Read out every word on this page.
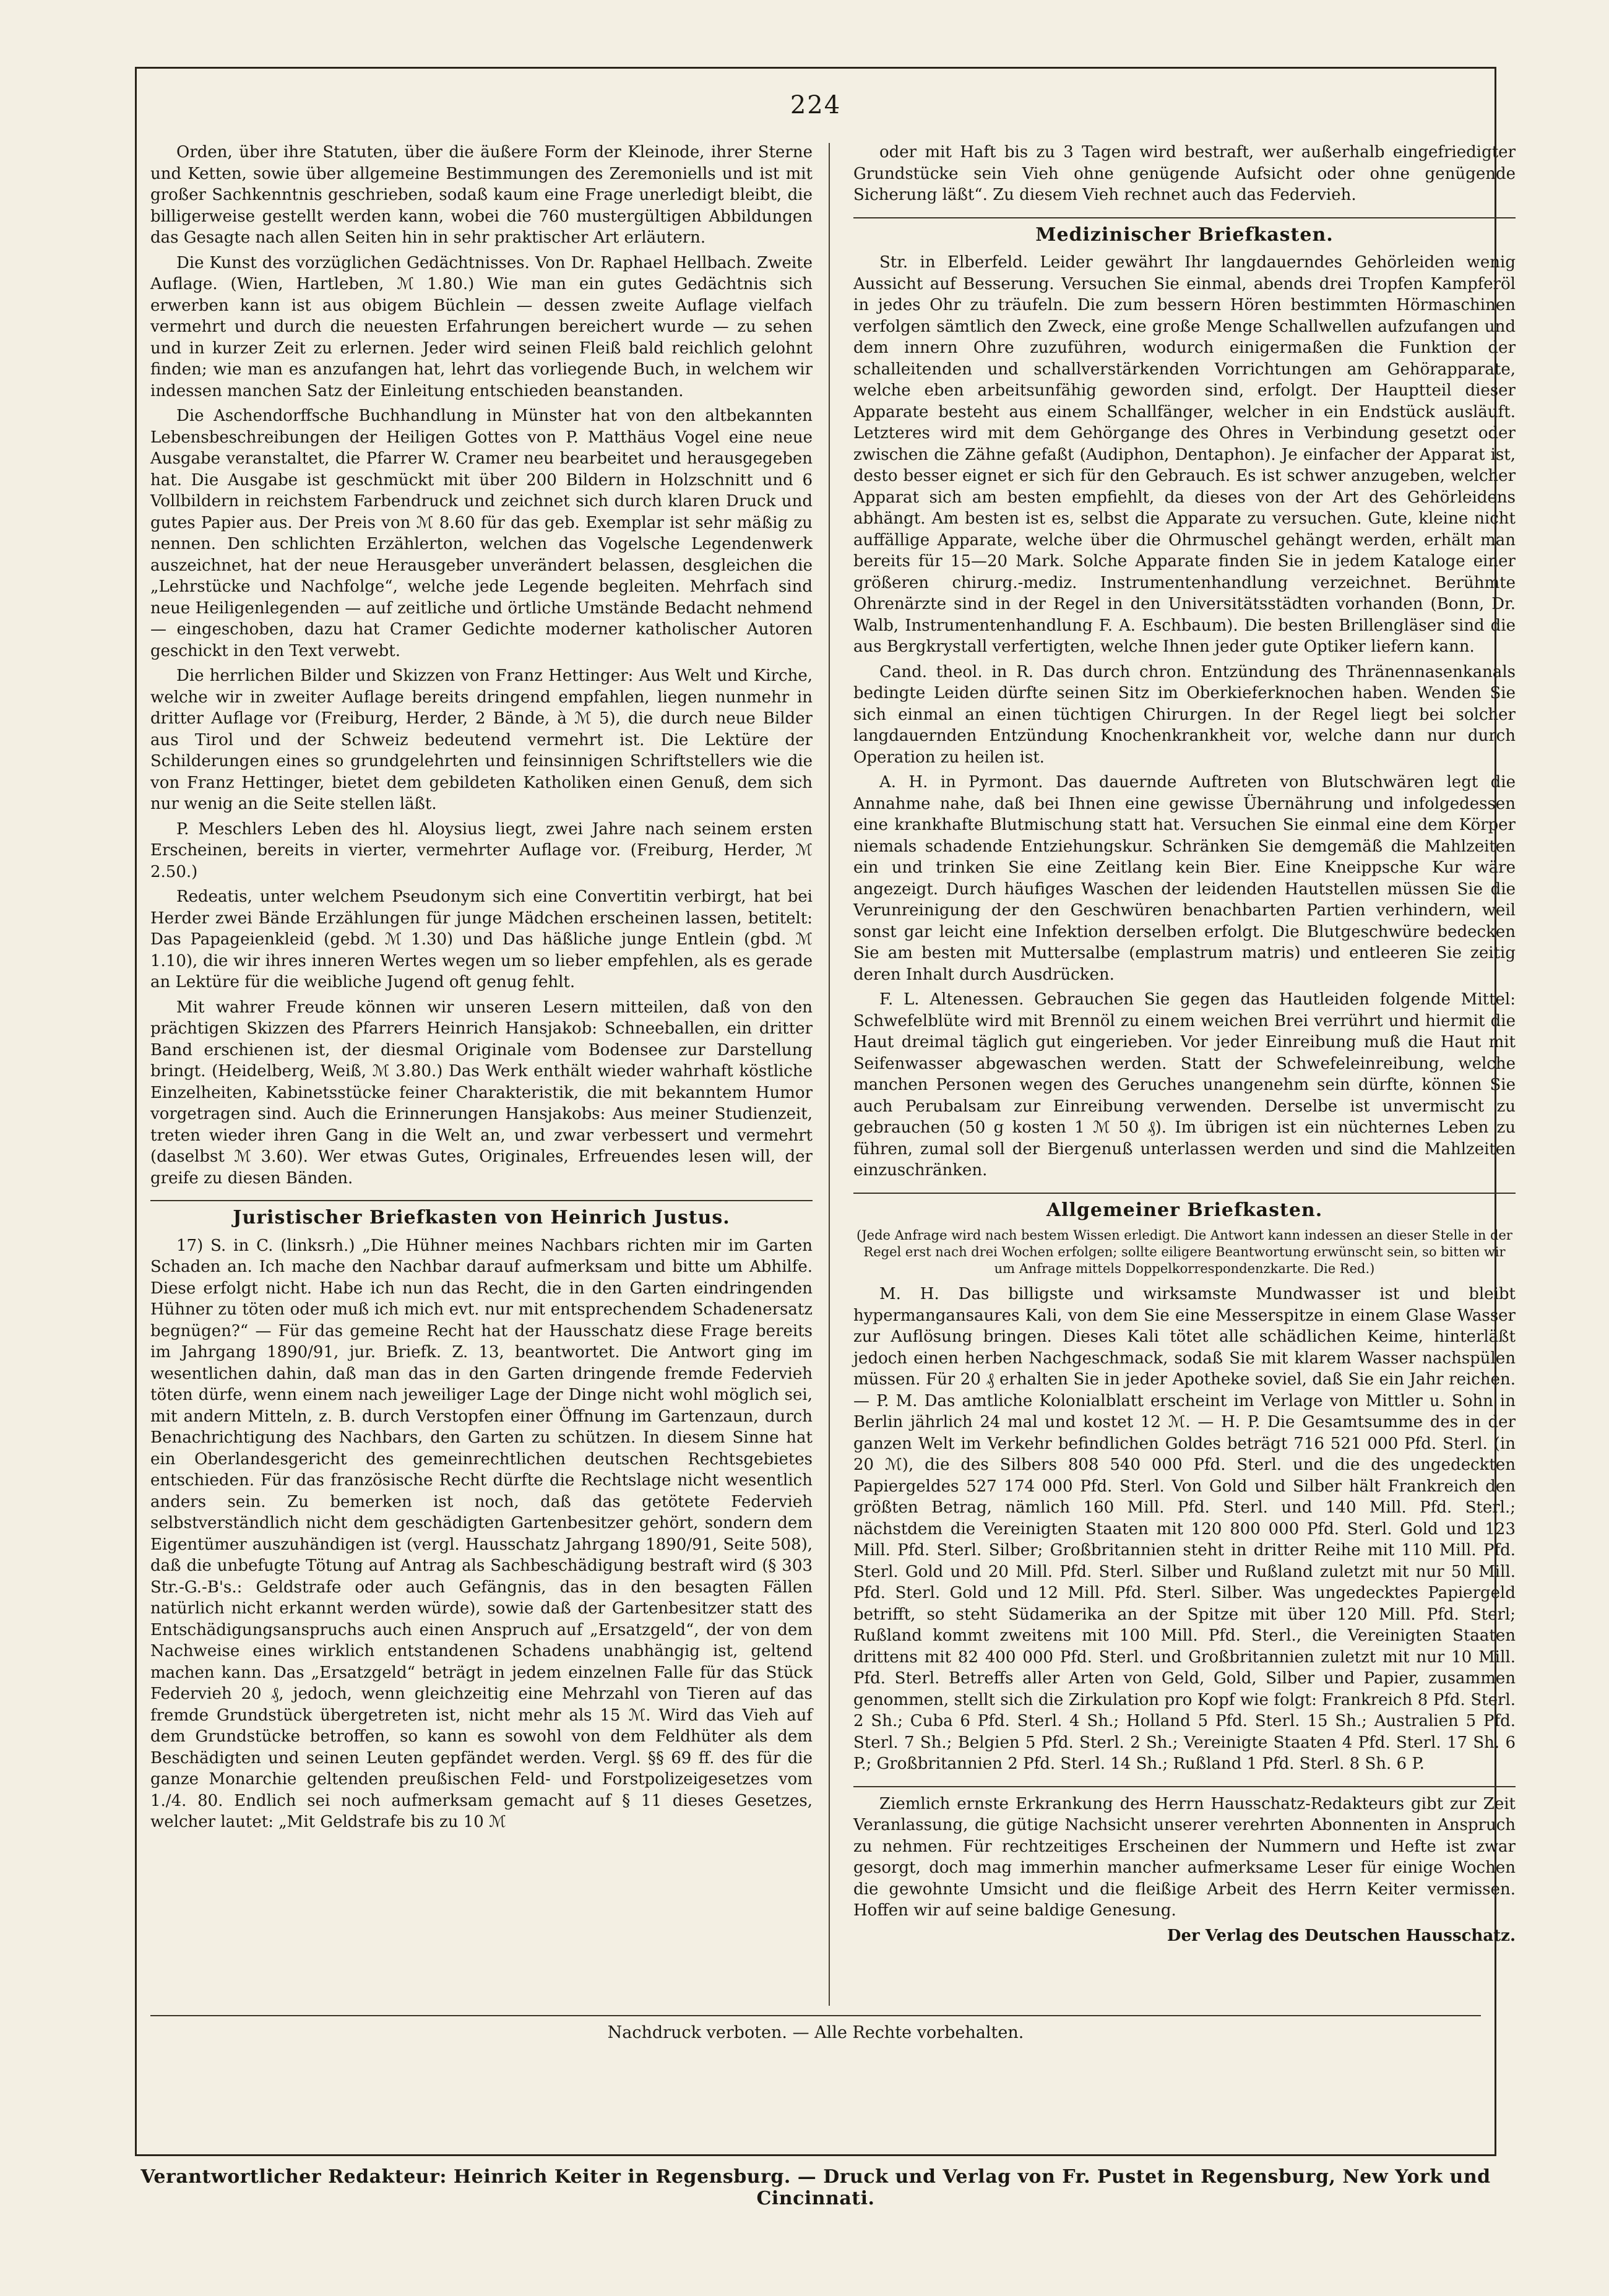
224

Orden, über ihre Statuten, über die äußere Form der Kleinode, ihrer Sterne und Ketten, sowie über allgemeine Bestimmungen des Zeremoniells und ist mit großer Sachkenntnis geschrieben, sodaß kaum eine Frage unerledigt bleibt, die billigerweise gestellt werden kann, wobei die 760 mustergültigen Abbildungen das Gesagte nach allen Seiten hin in sehr praktischer Art erläutern.

Die Kunst des vorzüglichen Gedächtnisses. Von Dr. Raphael Hellbach. Zweite Auflage. (Wien, Hartleben, ℳ 1.80.) Wie man ein gutes Gedächtnis sich erwerben kann ist aus obigem Büchlein — dessen zweite Auflage vielfach vermehrt und durch die neuesten Erfahrungen bereichert wurde — zu sehen und in kurzer Zeit zu erlernen. Jeder wird seinen Fleiß bald reichlich gelohnt finden; wie man es anzufangen hat, lehrt das vorliegende Buch, in welchem wir indessen manchen Satz der Einleitung entschieden beanstanden.

Die Aschendorffsche Buchhandlung in Münster hat von den altbekannten Lebensbeschreibungen der Heiligen Gottes von P. Matthäus Vogel eine neue Ausgabe veranstaltet, die Pfarrer W. Cramer neu bearbeitet und herausgegeben hat. Die Ausgabe ist geschmückt mit über 200 Bildern in Holzschnitt und 6 Vollbildern in reichstem Farbendruck und zeichnet sich durch klaren Druck und gutes Papier aus. Der Preis von ℳ 8.60 für das geb. Exemplar ist sehr mäßig zu nennen. Den schlichten Erzählerton, welchen das Vogelsche Legendenwerk auszeichnet, hat der neue Herausgeber unverändert belassen, desgleichen die „Lehrstücke und Nachfolge“, welche jede Legende begleiten. Mehrfach sind neue Heiligenlegenden — auf zeitliche und örtliche Umstände Bedacht nehmend — eingeschoben, dazu hat Cramer Gedichte moderner katholischer Autoren geschickt in den Text verwebt.

Die herrlichen Bilder und Skizzen von Franz Hettinger: Aus Welt und Kirche, welche wir in zweiter Auflage bereits dringend empfahlen, liegen nunmehr in dritter Auflage vor (Freiburg, Herder, 2 Bände, à ℳ 5), die durch neue Bilder aus Tirol und der Schweiz bedeutend vermehrt ist. Die Lektüre der Schilderungen eines so grundgelehrten und feinsinnigen Schriftstellers wie die von Franz Hettinger, bietet dem gebildeten Katholiken einen Genuß, dem sich nur wenig an die Seite stellen läßt.

P. Meschlers Leben des hl. Aloysius liegt, zwei Jahre nach seinem ersten Erscheinen, bereits in vierter, vermehrter Auflage vor. (Freiburg, Herder, ℳ 2.50.)

Redeatis, unter welchem Pseudonym sich eine Convertitin verbirgt, hat bei Herder zwei Bände Erzählungen für junge Mädchen erscheinen lassen, betitelt: Das Papageienkleid (gebd. ℳ 1.30) und Das häßliche junge Entlein (gbd. ℳ 1.10), die wir ihres inneren Wertes wegen um so lieber empfehlen, als es gerade an Lektüre für die weibliche Jugend oft genug fehlt.

Mit wahrer Freude können wir unseren Lesern mitteilen, daß von den prächtigen Skizzen des Pfarrers Heinrich Hansjakob: Schneeballen, ein dritter Band erschienen ist, der diesmal Originale vom Bodensee zur Darstellung bringt. (Heidelberg, Weiß, ℳ 3.80.) Das Werk enthält wieder wahrhaft köstliche Einzelheiten, Kabinetsstücke feiner Charakteristik, die mit bekanntem Humor vorgetragen sind. Auch die Erinnerungen Hansjakobs: Aus meiner Studienzeit, treten wieder ihren Gang in die Welt an, und zwar verbessert und vermehrt (daselbst ℳ 3.60). Wer etwas Gutes, Originales, Erfreuendes lesen will, der greife zu diesen Bänden.

Juristischer Briefkasten von Heinrich Justus.

17) S. in C. (linksrh.) „Die Hühner meines Nachbars richten mir im Garten Schaden an. Ich mache den Nachbar darauf aufmerksam und bitte um Abhilfe. Diese erfolgt nicht. Habe ich nun das Recht, die in den Garten eindringenden Hühner zu töten oder muß ich mich evt. nur mit entsprechendem Schadenersatz begnügen?“ — Für das gemeine Recht hat der Hausschatz diese Frage bereits im Jahrgang 1890/91, jur. Briefk. Z. 13, beantwortet. Die Antwort ging im wesentlichen dahin, daß man das in den Garten dringende fremde Federvieh töten dürfe, wenn einem nach jeweiliger Lage der Dinge nicht wohl möglich sei, mit andern Mitteln, z. B. durch Verstopfen einer Öffnung im Gartenzaun, durch Benachrichtigung des Nachbars, den Garten zu schützen. In diesem Sinne hat ein Oberlandesgericht des gemeinrechtlichen deutschen Rechtsgebietes entschieden. Für das französische Recht dürfte die Rechtslage nicht wesentlich anders sein. Zu bemerken ist noch, daß das getötete Federvieh selbstverständlich nicht dem geschädigten Gartenbesitzer gehört, sondern dem Eigentümer auszuhändigen ist (vergl. Hausschatz Jahrgang 1890/91, Seite 508), daß die unbefugte Tötung auf Antrag als Sachbeschädigung bestraft wird (§ 303 Str.-G.-B's.: Geldstrafe oder auch Gefängnis, das in den besagten Fällen natürlich nicht erkannt werden würde), sowie daß der Gartenbesitzer statt des Entschädigungsanspruchs auch einen Anspruch auf „Ersatzgeld“, der von dem Nachweise eines wirklich entstandenen Schadens unabhängig ist, geltend machen kann. Das „Ersatzgeld“ beträgt in jedem einzelnen Falle für das Stück Federvieh 20 ₰, jedoch, wenn gleichzeitig eine Mehrzahl von Tieren auf das fremde Grundstück übergetreten ist, nicht mehr als 15 ℳ. Wird das Vieh auf dem Grundstücke betroffen, so kann es sowohl von dem Feldhüter als dem Beschädigten und seinen Leuten gepfändet werden. Vergl. §§ 69 ff. des für die ganze Monarchie geltenden preußischen Feld- und Forstpolizeigesetzes vom 1./4. 80. Endlich sei noch aufmerksam gemacht auf § 11 dieses Gesetzes, welcher lautet: „Mit Geldstrafe bis zu 10 ℳ

oder mit Haft bis zu 3 Tagen wird bestraft, wer außerhalb eingefriedigter Grundstücke sein Vieh ohne genügende Aufsicht oder ohne genügende Sicherung läßt“. Zu diesem Vieh rechnet auch das Federvieh.

Medizinischer Briefkasten.

Str. in Elberfeld. Leider gewährt Ihr langdauerndes Gehörleiden wenig Aussicht auf Besserung. Versuchen Sie einmal, abends drei Tropfen Kampferöl in jedes Ohr zu träufeln. Die zum bessern Hören bestimmten Hörmaschinen verfolgen sämtlich den Zweck, eine große Menge Schallwellen aufzufangen und dem innern Ohre zuzuführen, wodurch einigermaßen die Funktion der schalleitenden und schallverstärkenden Vorrichtungen am Gehörapparate, welche eben arbeitsunfähig geworden sind, erfolgt. Der Hauptteil dieser Apparate besteht aus einem Schallfänger, welcher in ein Endstück ausläuft. Letzteres wird mit dem Gehörgange des Ohres in Verbindung gesetzt oder zwischen die Zähne gefaßt (Audiphon, Dentaphon). Je einfacher der Apparat ist, desto besser eignet er sich für den Gebrauch. Es ist schwer anzugeben, welcher Apparat sich am besten empfiehlt, da dieses von der Art des Gehörleidens abhängt. Am besten ist es, selbst die Apparate zu versuchen. Gute, kleine nicht auffällige Apparate, welche über die Ohrmuschel gehängt werden, erhält man bereits für 15—20 Mark. Solche Apparate finden Sie in jedem Kataloge einer größeren chirurg.-mediz. Instrumentenhandlung verzeichnet. Berühmte Ohrenärzte sind in der Regel in den Universitätsstädten vorhanden (Bonn, Dr. Walb, Instrumentenhandlung F. A. Eschbaum). Die besten Brillengläser sind die aus Bergkrystall verfertigten, welche Ihnen jeder gute Optiker liefern kann.

Cand. theol. in R. Das durch chron. Entzündung des Thränennasenkanals bedingte Leiden dürfte seinen Sitz im Oberkieferknochen haben. Wenden Sie sich einmal an einen tüchtigen Chirurgen. In der Regel liegt bei solcher langdauernden Entzündung Knochenkrankheit vor, welche dann nur durch Operation zu heilen ist.

A. H. in Pyrmont. Das dauernde Auftreten von Blutschwären legt die Annahme nahe, daß bei Ihnen eine gewisse Übernährung und infolgedessen eine krankhafte Blutmischung statt hat. Versuchen Sie einmal eine dem Körper niemals schadende Entziehungskur. Schränken Sie demgemäß die Mahlzeiten ein und trinken Sie eine Zeitlang kein Bier. Eine Kneippsche Kur wäre angezeigt. Durch häufiges Waschen der leidenden Hautstellen müssen Sie die Verunreinigung der den Geschwüren benachbarten Partien verhindern, weil sonst gar leicht eine Infektion derselben erfolgt. Die Blutgeschwüre bedecken Sie am besten mit Muttersalbe (emplastrum matris) und entleeren Sie zeitig deren Inhalt durch Ausdrücken.

F. L. Altenessen. Gebrauchen Sie gegen das Hautleiden folgende Mittel: Schwefelblüte wird mit Brennöl zu einem weichen Brei verrührt und hiermit die Haut dreimal täglich gut eingerieben. Vor jeder Einreibung muß die Haut mit Seifenwasser abgewaschen werden. Statt der Schwefeleinreibung, welche manchen Personen wegen des Geruches unangenehm sein dürfte, können Sie auch Perubalsam zur Einreibung verwenden. Derselbe ist unvermischt zu gebrauchen (50 g kosten 1 ℳ 50 ₰). Im übrigen ist ein nüchternes Leben zu führen, zumal soll der Biergenuß unterlassen werden und sind die Mahlzeiten einzuschränken.

Allgemeiner Briefkasten.
(Jede Anfrage wird nach bestem Wissen erledigt. Die Antwort kann indessen an dieser Stelle in der Regel erst nach drei Wochen erfolgen; sollte eiligere Beantwortung erwünscht sein, so bitten wir um Anfrage mittels Doppelkorrespondenzkarte. Die Red.)

M. H. Das billigste und wirksamste Mundwasser ist und bleibt hypermangansaures Kali, von dem Sie eine Messerspitze in einem Glase Wasser zur Auflösung bringen. Dieses Kali tötet alle schädlichen Keime, hinterläßt jedoch einen herben Nachgeschmack, sodaß Sie mit klarem Wasser nachspülen müssen. Für 20 ₰ erhalten Sie in jeder Apotheke soviel, daß Sie ein Jahr reichen. — P. M. Das amtliche Kolonialblatt erscheint im Verlage von Mittler u. Sohn in Berlin jährlich 24 mal und kostet 12 ℳ. — H. P. Die Gesamtsumme des in der ganzen Welt im Verkehr befindlichen Goldes beträgt 716 521 000 Pfd. Sterl. (in 20 ℳ), die des Silbers 808 540 000 Pfd. Sterl. und die des ungedeckten Papiergeldes 527 174 000 Pfd. Sterl. Von Gold und Silber hält Frankreich den größten Betrag, nämlich 160 Mill. Pfd. Sterl. und 140 Mill. Pfd. Sterl.; nächstdem die Vereinigten Staaten mit 120 800 000 Pfd. Sterl. Gold und 123 Mill. Pfd. Sterl. Silber; Großbritannien steht in dritter Reihe mit 110 Mill. Pfd. Sterl. Gold und 20 Mill. Pfd. Sterl. Silber und Rußland zuletzt mit nur 50 Mill. Pfd. Sterl. Gold und 12 Mill. Pfd. Sterl. Silber. Was ungedecktes Papiergeld betrifft, so steht Südamerika an der Spitze mit über 120 Mill. Pfd. Sterl; Rußland kommt zweitens mit 100 Mill. Pfd. Sterl., die Vereinigten Staaten drittens mit 82 400 000 Pfd. Sterl. und Großbritannien zuletzt mit nur 10 Mill. Pfd. Sterl. Betreffs aller Arten von Geld, Gold, Silber und Papier, zusammen genommen, stellt sich die Zirkulation pro Kopf wie folgt: Frankreich 8 Pfd. Sterl. 2 Sh.; Cuba 6 Pfd. Sterl. 4 Sh.; Holland 5 Pfd. Sterl. 15 Sh.; Australien 5 Pfd. Sterl. 7 Sh.; Belgien 5 Pfd. Sterl. 2 Sh.; Vereinigte Staaten 4 Pfd. Sterl. 17 Sh. 6 P.; Großbritannien 2 Pfd. Sterl. 14 Sh.; Rußland 1 Pfd. Sterl. 8 Sh. 6 P.

Ziemlich ernste Erkrankung des Herrn Hausschatz-Redakteurs gibt zur Zeit Veranlassung, die gütige Nachsicht unserer verehrten Abonnenten in Anspruch zu nehmen. Für rechtzeitiges Erscheinen der Nummern und Hefte ist zwar gesorgt, doch mag immerhin mancher aufmerksame Leser für einige Wochen die gewohnte Umsicht und die fleißige Arbeit des Herrn Keiter vermissen. Hoffen wir auf seine baldige Genesung.

Der Verlag des Deutschen Hausschatz.
Nachdruck verboten. — Alle Rechte vorbehalten.
Verantwortlicher Redakteur: Heinrich Keiter in Regensburg. — Druck und Verlag von Fr. Pustet in Regensburg, New York und Cincinnati.
